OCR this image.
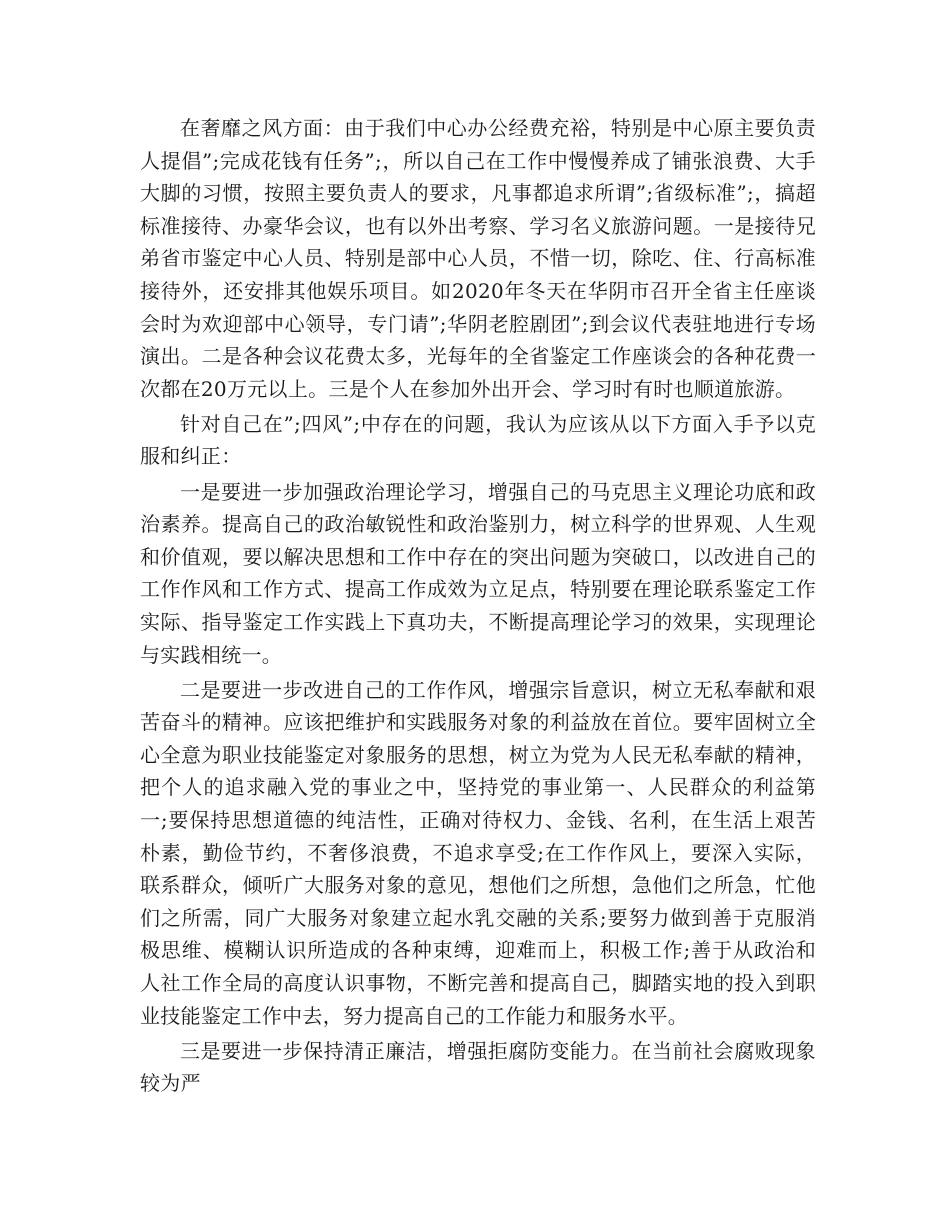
在奢靡之风方面：由于我们中心办公经费充裕，特别是中心原主要负责人提倡”;完成花钱有任务”;，所以自己在工作中慢慢养成了铺张浪费、大手大脚的习惯，按照主要负责人的要求，凡事都追求所谓”;省级标准”;，搞超标准接待、办豪华会议，也有以外出考察、学习名义旅游问题。一是接待兄弟省市鉴定中心人员、特别是部中心人员，不惜一切，除吃、住、行高标准接待外，还安排其他娱乐项目。如2020年冬天在华阴市召开全省主任座谈会时为欢迎部中心领导，专门请”;华阴老腔剧团”;到会议代表驻地进行专场演出。二是各种会议花费太多，光每年的全省鉴定工作座谈会的各种花费一次都在20万元以上。三是个人在参加外出开会、学习时有时也顺道旅游。

针对自己在”;四风”;中存在的问题，我认为应该从以下方面入手予以克服和纠正：

一是要进一步加强政治理论学习，增强自己的马克思主义理论功底和政治素养。提高自己的政治敏锐性和政治鉴别力，树立科学的世界观、人生观和价值观，要以解决思想和工作中存在的突出问题为突破口，以改进自己的工作作风和工作方式、提高工作成效为立足点，特别要在理论联系鉴定工作实际、指导鉴定工作实践上下真功夫，不断提高理论学习的效果，实现理论与实践相统一。

二是要进一步改进自己的工作作风，增强宗旨意识，树立无私奉献和艰苦奋斗的精神。应该把维护和实践服务对象的利益放在首位。要牢固树立全心全意为职业技能鉴定对象服务的思想，树立为党为人民无私奉献的精神，把个人的追求融入党的事业之中，坚持党的事业第一、人民群众的利益第一;要保持思想道德的纯洁性，正确对待权力、金钱、名利，在生活上艰苦朴素，勤俭节约，不奢侈浪费，不追求享受;在工作作风上，要深入实际，联系群众，倾听广大服务对象的意见，想他们之所想，急他们之所急，忙他们之所需，同广大服务对象建立起水乳交融的关系;要努力做到善于克服消极思维、模糊认识所造成的各种束缚，迎难而上，积极工作;善于从政治和人社工作全局的高度认识事物，不断完善和提高自己，脚踏实地的投入到职业技能鉴定工作中去，努力提高自己的工作能力和服务水平。

三是要进一步保持清正廉洁，增强拒腐防变能力。在当前社会腐败现象较为严
